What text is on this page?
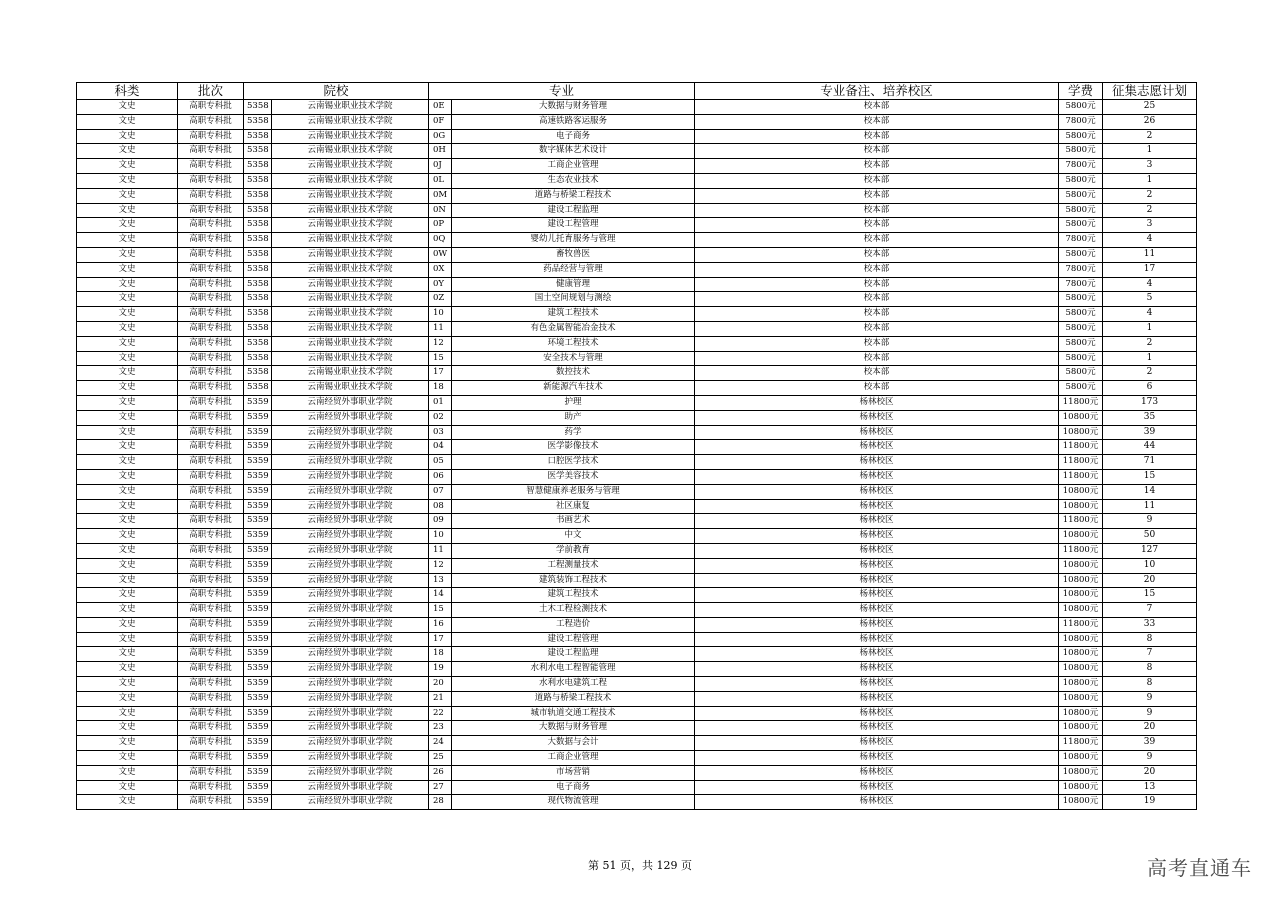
科类	批次	院校		专业		专业备注、培养校区	学费	征集志愿计划
文史	高职专科批	5358	云南锡业职业技术学院	0E	大数据与财务管理	校本部	5800元	25
文史	高职专科批	5358	云南锡业职业技术学院	0F	高速铁路客运服务	校本部	7800元	26
文史	高职专科批	5358	云南锡业职业技术学院	0G	电子商务	校本部	5800元	2
文史	高职专科批	5358	云南锡业职业技术学院	0H	数字媒体艺术设计	校本部	5800元	1
文史	高职专科批	5358	云南锡业职业技术学院	0J	工商企业管理	校本部	7800元	3
文史	高职专科批	5358	云南锡业职业技术学院	0L	生态农业技术	校本部	5800元	1
文史	高职专科批	5358	云南锡业职业技术学院	0M	道路与桥梁工程技术	校本部	5800元	2
文史	高职专科批	5358	云南锡业职业技术学院	0N	建设工程监理	校本部	5800元	2
文史	高职专科批	5358	云南锡业职业技术学院	0P	建设工程管理	校本部	5800元	3
文史	高职专科批	5358	云南锡业职业技术学院	0Q	婴幼儿托育服务与管理	校本部	7800元	4
文史	高职专科批	5358	云南锡业职业技术学院	0W	畜牧兽医	校本部	5800元	11
文史	高职专科批	5358	云南锡业职业技术学院	0X	药品经营与管理	校本部	7800元	17
文史	高职专科批	5358	云南锡业职业技术学院	0Y	健康管理	校本部	7800元	4
文史	高职专科批	5358	云南锡业职业技术学院	0Z	国土空间规划与测绘	校本部	5800元	5
文史	高职专科批	5358	云南锡业职业技术学院	10	建筑工程技术	校本部	5800元	4
文史	高职专科批	5358	云南锡业职业技术学院	11	有色金属智能冶金技术	校本部	5800元	1
文史	高职专科批	5358	云南锡业职业技术学院	12	环境工程技术	校本部	5800元	2
文史	高职专科批	5358	云南锡业职业技术学院	15	安全技术与管理	校本部	5800元	1
文史	高职专科批	5358	云南锡业职业技术学院	17	数控技术	校本部	5800元	2
文史	高职专科批	5358	云南锡业职业技术学院	18	新能源汽车技术	校本部	5800元	6
文史	高职专科批	5359	云南经贸外事职业学院	01	护理	杨林校区	11800元	173
文史	高职专科批	5359	云南经贸外事职业学院	02	助产	杨林校区	10800元	35
文史	高职专科批	5359	云南经贸外事职业学院	03	药学	杨林校区	10800元	39
文史	高职专科批	5359	云南经贸外事职业学院	04	医学影像技术	杨林校区	11800元	44
文史	高职专科批	5359	云南经贸外事职业学院	05	口腔医学技术	杨林校区	11800元	71
文史	高职专科批	5359	云南经贸外事职业学院	06	医学美容技术	杨林校区	11800元	15
文史	高职专科批	5359	云南经贸外事职业学院	07	智慧健康养老服务与管理	杨林校区	10800元	14
文史	高职专科批	5359	云南经贸外事职业学院	08	社区康复	杨林校区	10800元	11
文史	高职专科批	5359	云南经贸外事职业学院	09	书画艺术	杨林校区	11800元	9
文史	高职专科批	5359	云南经贸外事职业学院	10	中文	杨林校区	10800元	50
文史	高职专科批	5359	云南经贸外事职业学院	11	学前教育	杨林校区	11800元	127
文史	高职专科批	5359	云南经贸外事职业学院	12	工程测量技术	杨林校区	10800元	10
文史	高职专科批	5359	云南经贸外事职业学院	13	建筑装饰工程技术	杨林校区	10800元	20
文史	高职专科批	5359	云南经贸外事职业学院	14	建筑工程技术	杨林校区	10800元	15
文史	高职专科批	5359	云南经贸外事职业学院	15	土木工程检测技术	杨林校区	10800元	7
文史	高职专科批	5359	云南经贸外事职业学院	16	工程造价	杨林校区	11800元	33
文史	高职专科批	5359	云南经贸外事职业学院	17	建设工程管理	杨林校区	10800元	8
文史	高职专科批	5359	云南经贸外事职业学院	18	建设工程监理	杨林校区	10800元	7
文史	高职专科批	5359	云南经贸外事职业学院	19	水利水电工程智能管理	杨林校区	10800元	8
文史	高职专科批	5359	云南经贸外事职业学院	20	水利水电建筑工程	杨林校区	10800元	8
文史	高职专科批	5359	云南经贸外事职业学院	21	道路与桥梁工程技术	杨林校区	10800元	9
文史	高职专科批	5359	云南经贸外事职业学院	22	城市轨道交通工程技术	杨林校区	10800元	9
文史	高职专科批	5359	云南经贸外事职业学院	23	大数据与财务管理	杨林校区	10800元	20
文史	高职专科批	5359	云南经贸外事职业学院	24	大数据与会计	杨林校区	11800元	39
文史	高职专科批	5359	云南经贸外事职业学院	25	工商企业管理	杨林校区	10800元	9
文史	高职专科批	5359	云南经贸外事职业学院	26	市场营销	杨林校区	10800元	20
文史	高职专科批	5359	云南经贸外事职业学院	27	电子商务	杨林校区	10800元	13
文史	高职专科批	5359	云南经贸外事职业学院	28	现代物流管理	杨林校区	10800元	19
第 51 页，共 129 页	高考直通车
